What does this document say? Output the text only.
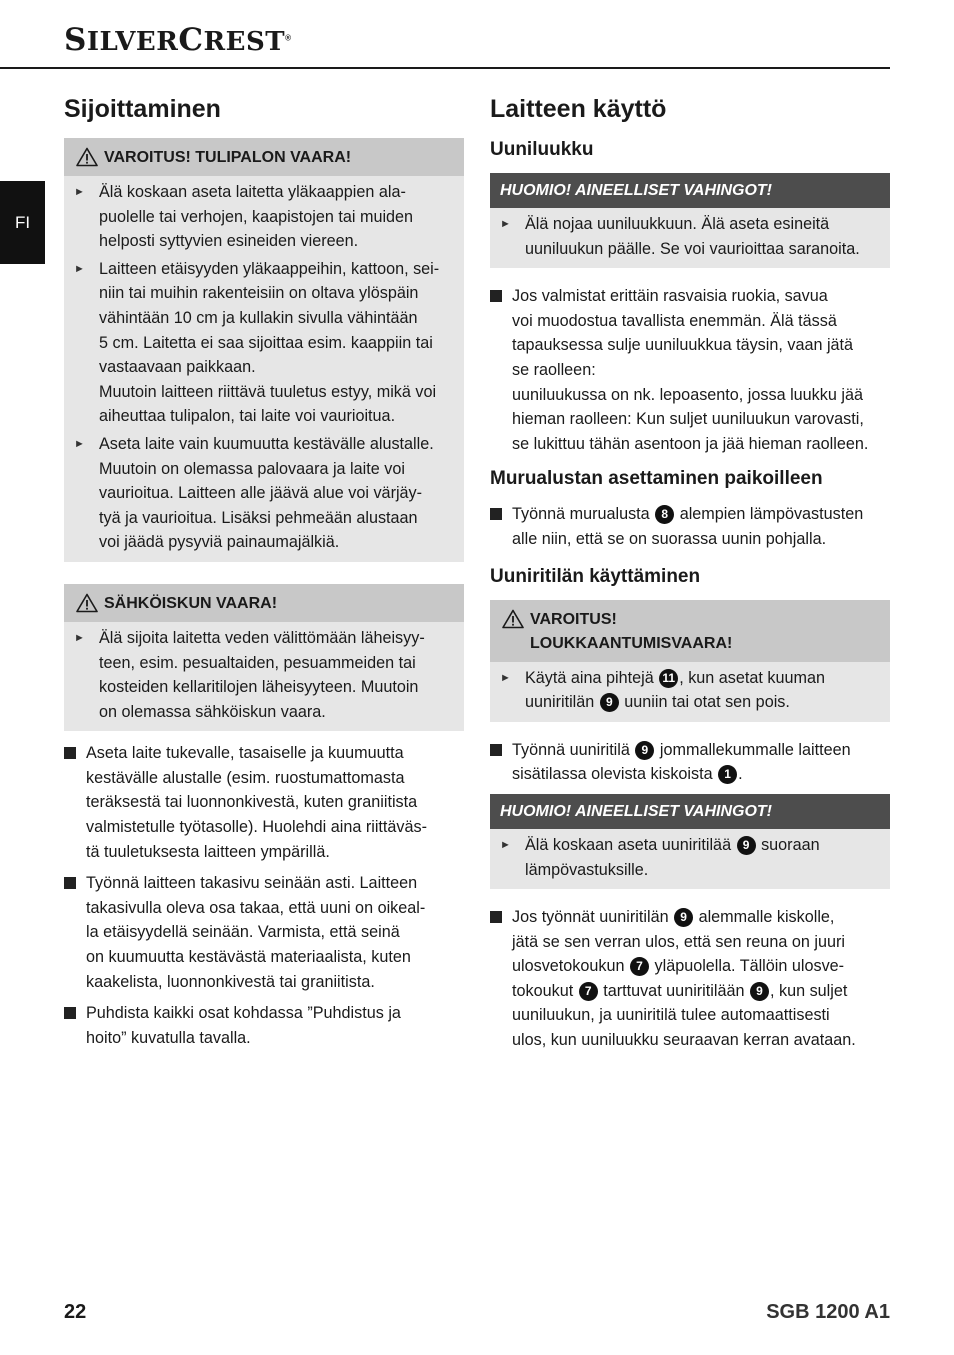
SILVERCREST®
FI
Sijoittaminen
VAROITUS! TULIPALON VAARA!
► Älä koskaan aseta laitetta yläkaappien ala-
puolelle tai verhojen, kaapistojen tai muiden
helposti syttyvien esineiden viereen.
► Laitteen etäisyyden yläkaappeihin, kattoon, sei-
niin tai muihin rakenteisiin on oltava ylöspäin
vähintään 10 cm ja kullakin sivulla vähintään
5 cm. Laitetta ei saa sijoittaa esim. kaappiin tai
vastaavaan paikkaan.
Muutoin laitteen riittävä tuuletus estyy, mikä voi
aiheuttaa tulipalon, tai laite voi vaurioitua.
► Aseta laite vain kuumuutta kestävälle alustalle.
Muutoin on olemassa palovaara ja laite voi
vaurioitua. Laitteen alle jäävä alue voi värjäy-
tyä ja vaurioitua. Lisäksi pehmeään alustaan
voi jäädä pysyviä painaumajälkiä.
SÄHKÖISKUN VAARA!
► Älä sijoita laitetta veden välittömään läheisyy-
teen, esim. pesualtaiden, pesuammeiden tai
kosteiden kellaritilojen läheisyyteen. Muutoin
on olemassa sähköiskun vaara.
Aseta laite tukevalle, tasaiselle ja kuumuutta
kestävälle alustalle (esim. ruostumattomasta
teräksestä tai luonnonkivestä, kuten graniitista
valmistetulle työtasolle). Huolehdi aina riittäväs-
tä tuuletuksesta laitteen ympärillä.
Työnnä laitteen takasivu seinään asti. Laitteen
takasivulla oleva osa takaa, että uuni on oikeal-
la etäisyydellä seinään. Varmista, että seinä
on kuumuutta kestävästä materiaalista, kuten
kaakelista, luonnonkivestä tai graniitista.
Puhdista kaikki osat kohdassa ”Puhdistus ja
hoito” kuvatulla tavalla.
Laitteen käyttö
Uuniluukku
HUOMIO! AINEELLISET VAHINGOT!
► Älä nojaa uuniluukkuun. Älä aseta esineitä
uuniluukun päälle. Se voi vaurioittaa saranoita.
Jos valmistat erittäin rasvaisia ruokia, savua
voi muodostua tavallista enemmän. Älä tässä
tapauksessa sulje uuniluukkua täysin, vaan jätä
se raolleen:
uuniluukussa on nk. lepoasento, jossa luukku jää
hieman raolleen: Kun suljet uuniluukun varovasti,
se lukittuu tähän asentoon ja jää hieman raolleen.
Murualustan asettaminen paikoilleen
Työnnä murualusta 8 alempien lämpövastusten
alle niin, että se on suorassa uunin pohjalla.
Uuniritilän käyttäminen
VAROITUS!
LOUKKAANTUMISVAARA!
► Käytä aina pihtejä 11 , kun asetat kuuman
uuniritilän 9 uuniin tai otat sen pois.
Työnnä uuniritilä 9 jommallekummalle laitteen
sisätilassa olevista kiskoista 1 .
HUOMIO! AINEELLISET VAHINGOT!
► Älä koskaan aseta uuniritilää 9 suoraan
lämpövastuksille.
Jos työnnät uuniritilän 9 alemmalle kiskolle,
jätä se sen verran ulos, että sen reuna on juuri
ulosvetokoukun 7 yläpuolella. Tällöin ulosve-
tokoukut 7 tarttuvat uuniritilään 9 , kun suljet
uuniluukun, ja uuniritilä tulee automaattisesti
ulos, kun uuniluukku seuraavan kerran avataan.
22	SGB 1200 A1
